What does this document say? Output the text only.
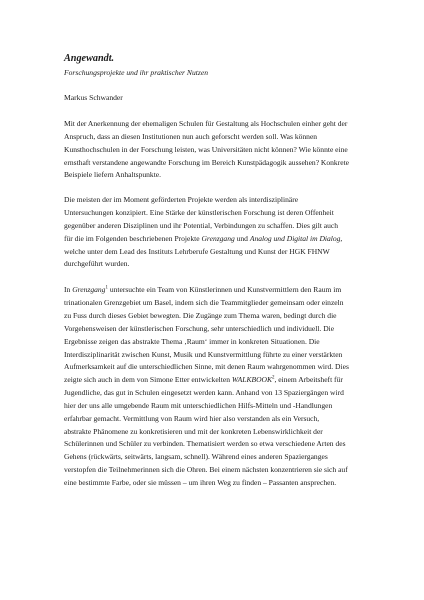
Angewandt.

Forschungsprojekte und ihr praktischer Nutzen

Markus Schwander

Mit der Anerkennung der ehemaligen Schulen für Gestaltung als Hochschulen einher geht der
Anspruch, dass an diesen Institutionen nun auch geforscht werden soll. Was können
Kunsthochschulen in der Forschung leisten, was Universitäten nicht können? Wie könnte eine
ernsthaft verstandene angewandte Forschung im Bereich Kunstpädagogik aussehen? Konkrete
Beispiele liefern Anhaltspunkte.

Die meisten der im Moment geförderten Projekte werden als interdisziplinäre
Untersuchungen konzipiert. Eine Stärke der künstlerischen Forschung ist deren Offenheit
gegenüber anderen Disziplinen und ihr Potential, Verbindungen zu schaffen. Dies gilt auch
für die im Folgenden beschriebenen Projekte Grenzgang und Analog und Digital im Dialog,
welche unter dem Lead des Instituts Lehrberufe Gestaltung und Kunst der HGK FHNW
durchgeführt wurden.

In Grenzgang$^1$ untersuchte ein Team von Künstlerinnen und Kunstvermittlern den Raum im
trinationalen Grenzgebiet um Basel, indem sich die Teammitglieder gemeinsam oder einzeln
zu Fuss durch dieses Gebiet bewegten. Die Zugänge zum Thema waren, bedingt durch die
Vorgehensweisen der künstlerischen Forschung, sehr unterschiedlich und individuell. Die
Ergebnisse zeigen das abstrakte Thema ‚Raum‘ immer in konkreten Situationen. Die
Interdisziplinarität zwischen Kunst, Musik und Kunstvermittlung führte zu einer verstärkten
Aufmerksamkeit auf die unterschiedlichen Sinne, mit denen Raum wahrgenommen wird. Dies
zeigte sich auch in dem von Simone Etter entwickelten WALKBOOK$^2$, einem Arbeitsheft für
Jugendliche, das gut in Schulen eingesetzt werden kann. Anhand von 13 Spaziergängen wird
hier der uns alle umgebende Raum mit unterschiedlichen Hilfs-Mitteln und -Handlungen
erfahrbar gemacht. Vermittlung von Raum wird hier also verstanden als ein Versuch,
abstrakte Phänomene zu konkretisieren und mit der konkreten Lebenswirklichkeit der
Schülerinnen und Schüler zu verbinden. Thematisiert werden so etwa verschiedene Arten des
Gehens (rückwärts, seitwärts, langsam, schnell). Während eines anderen Spazierganges
verstopfen die Teilnehmerinnen sich die Ohren. Bei einem nächsten konzentrieren sie sich auf
eine bestimmte Farbe, oder sie müssen – um ihren Weg zu finden – Passanten ansprechen.
